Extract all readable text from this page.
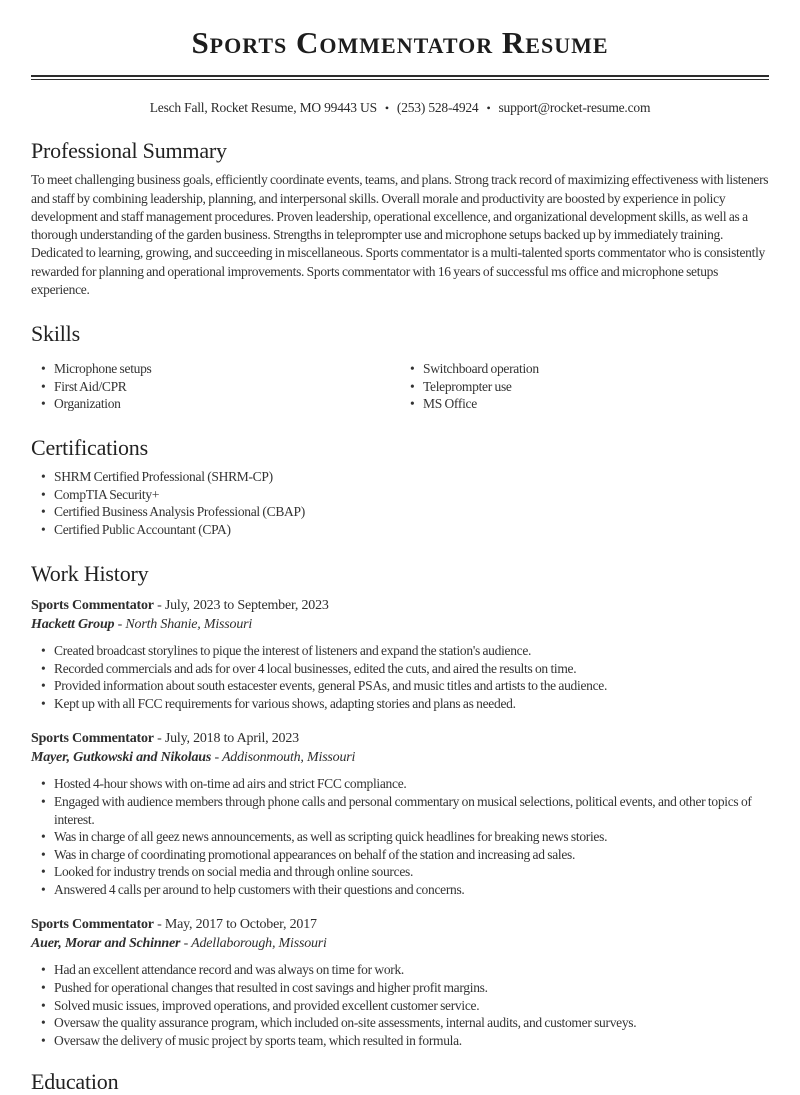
Sports Commentator Resume
Lesch Fall, Rocket Resume, MO 99443 US • (253) 528-4924 • support@rocket-resume.com
Professional Summary

To meet challenging business goals, efficiently coordinate events, teams, and plans. Strong track record of maximizing effectiveness with listeners and staff by combining leadership, planning, and interpersonal skills. Overall morale and productivity are boosted by experience in policy development and staff management procedures. Proven leadership, operational excellence, and organizational development skills, as well as a thorough understanding of the garden business. Strengths in teleprompter use and microphone setups backed up by immediately training. Dedicated to learning, growing, and succeeding in miscellaneous. Sports commentator is a multi-talented sports commentator who is consistently rewarded for planning and operational improvements. Sports commentator with 16 years of successful ms office and microphone setups experience.

Skills
• Microphone setups
• First Aid/CPR
• Organization
• Switchboard operation
• Teleprompter use
• MS Office
Certifications
• SHRM Certified Professional (SHRM-CP)
• CompTIA Security+
• Certified Business Analysis Professional (CBAP)
• Certified Public Accountant (CPA)
Work History
Sports Commentator - July, 2023 to September, 2023
Hackett Group - North Shanie, Missouri
• Created broadcast storylines to pique the interest of listeners and expand the station's audience.
• Recorded commercials and ads for over 4 local businesses, edited the cuts, and aired the results on time.
• Provided information about south estacester events, general PSAs, and music titles and artists to the audience.
• Kept up with all FCC requirements for various shows, adapting stories and plans as needed.
Sports Commentator - July, 2018 to April, 2023
Mayer, Gutkowski and Nikolaus - Addisonmouth, Missouri
• Hosted 4-hour shows with on-time ad airs and strict FCC compliance.
• Engaged with audience members through phone calls and personal commentary on musical selections, political events, and other topics of interest.
• Was in charge of all geez news announcements, as well as scripting quick headlines for breaking news stories.
• Was in charge of coordinating promotional appearances on behalf of the station and increasing ad sales.
• Looked for industry trends on social media and through online sources.
• Answered 4 calls per around to help customers with their questions and concerns.
Sports Commentator - May, 2017 to October, 2017
Auer, Morar and Schinner - Adellaborough, Missouri
• Had an excellent attendance record and was always on time for work.
• Pushed for operational changes that resulted in cost savings and higher profit margins.
• Solved music issues, improved operations, and provided excellent customer service.
• Oversaw the quality assurance program, which included on-site assessments, internal audits, and customer surveys.
• Oversaw the delivery of music project by sports team, which resulted in formula.
Education
